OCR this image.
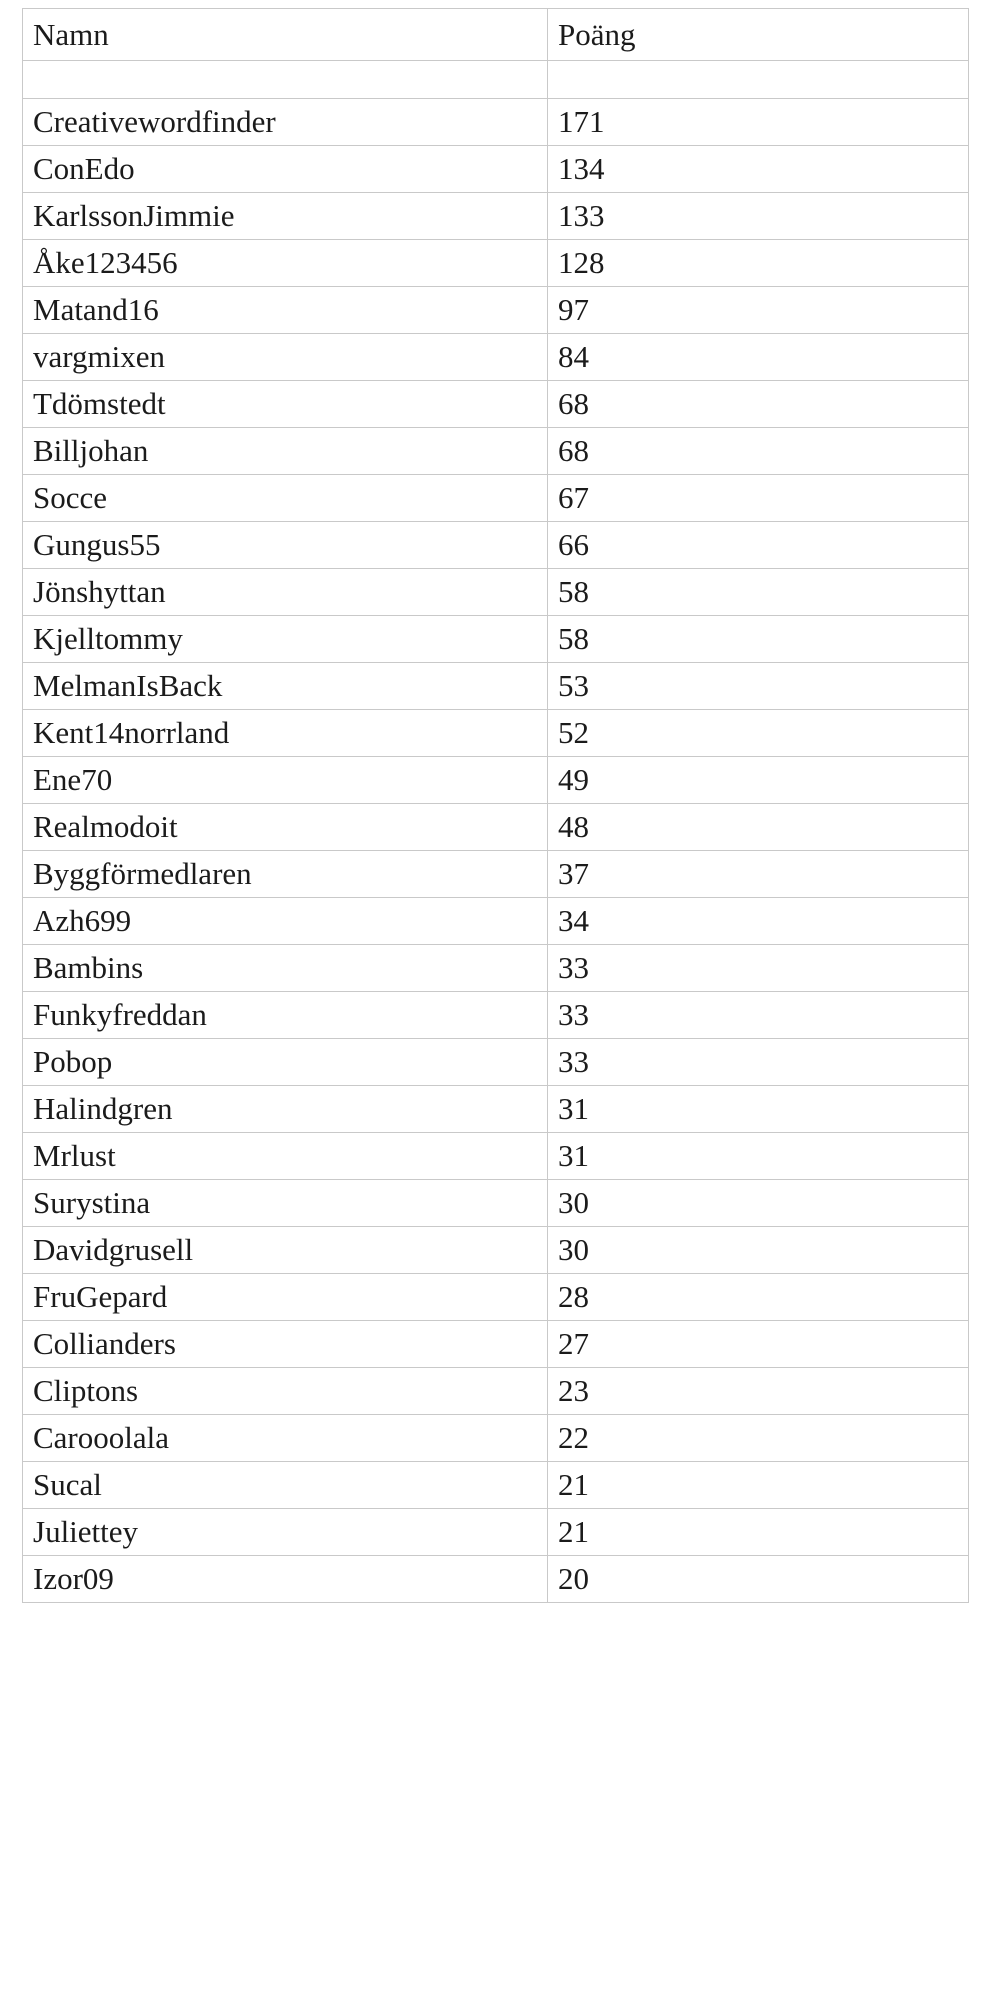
Namn	Poäng

Creativewordfinder	171
ConEdo	134
KarlssonJimmie	133
Åke123456	128
Matand16	97
vargmixen	84
Tdömstedt	68
Billjohan	68
Socce	67
Gungus55	66
Jönshyttan	58
Kjelltommy	58
MelmanIsBack	53
Kent14norrland	52
Ene70	49
Realmodoit	48
Byggförmedlaren	37
Azh699	34
Bambins	33
Funkyfreddan	33
Pobop	33
Halindgren	31
Mrlust	31
Surystina	30
Davidgrusell	30
FruGepard	28
Collianders	27
Cliptons	23
Carooolala	22
Sucal	21
Juliettey	21
Izor09	20
